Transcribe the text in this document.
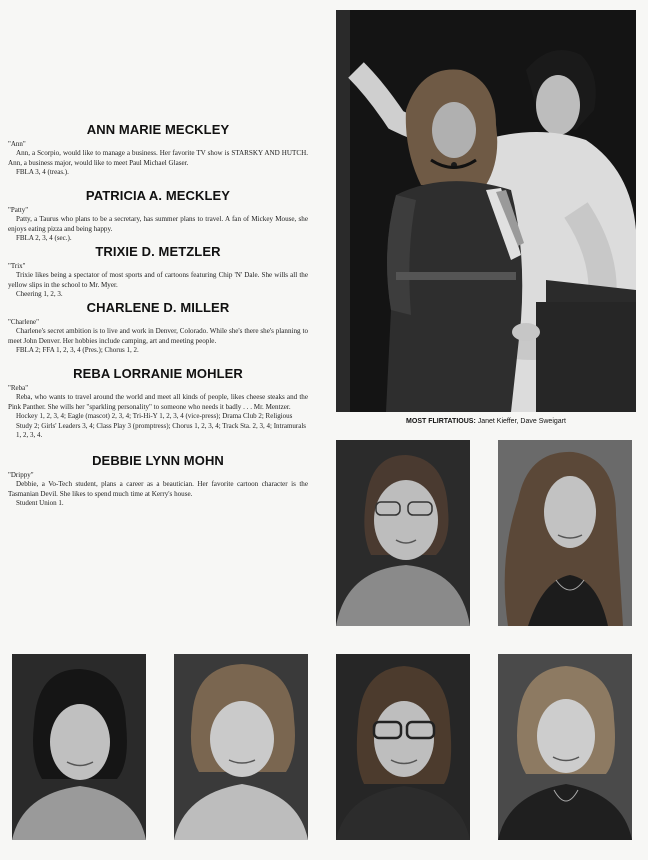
ANN MARIE MECKLEY

"Ann"

Ann, a Scorpio, would like to manage a business. Her favorite TV show is STARSKY AND HUTCH. Ann, a business major, would like to meet Paul Michael Glaser.

FBLA 3, 4 (treas.).

PATRICIA A. MECKLEY

"Patty"

Patty, a Taurus who plans to be a secretary, has summer plans to travel. A fan of Mickey Mouse, she enjoys eating pizza and being happy.

FBLA 2, 3, 4 (sec.).

TRIXIE D. METZLER

"Trix"

Trixie likes being a spectator of most sports and of cartoons featuring Chip 'N' Dale. She wills all the yellow slips in the school to Mr. Myer.

Cheering 1, 2, 3.

CHARLENE D. MILLER

"Charlene"

Charlene's secret ambition is to live and work in Denver, Colorado. While she's there she's planning to meet John Denver. Her hobbies include camping, art and meeting people.

FBLA 2; FFA 1, 2, 3, 4 (Pres.); Chorus 1, 2.

REBA LORRANIE MOHLER

"Reba"

Reba, who wants to travel around the world and meet all kinds of people, likes cheese steaks and the Pink Panther. She wills her "sparkling personality" to someone who needs it badly . . . Mr. Mentzer.

Hockey 1, 2, 3, 4; Eagle (mascot) 2, 3, 4; Tri-Hi-Y 1, 2, 3, 4 (vice-press); Drama Club 2; Religious Study 2; Girls' Leaders 3, 4; Class Play 3 (promptress); Chorus 1, 2, 3, 4; Track Sta. 2, 3, 4; Intramurals 1, 2, 3, 4.

DEBBIE LYNN MOHN

"Drippy"

Debbie, a Vo-Tech student, plans a career as a beautician. Her favorite cartoon character is the Tasmanian Devil. She likes to spend much time at Kerry's house.

Student Union 1.

MOST FLIRTATIOUS: Janet Kieffer, Dave Sweigart
